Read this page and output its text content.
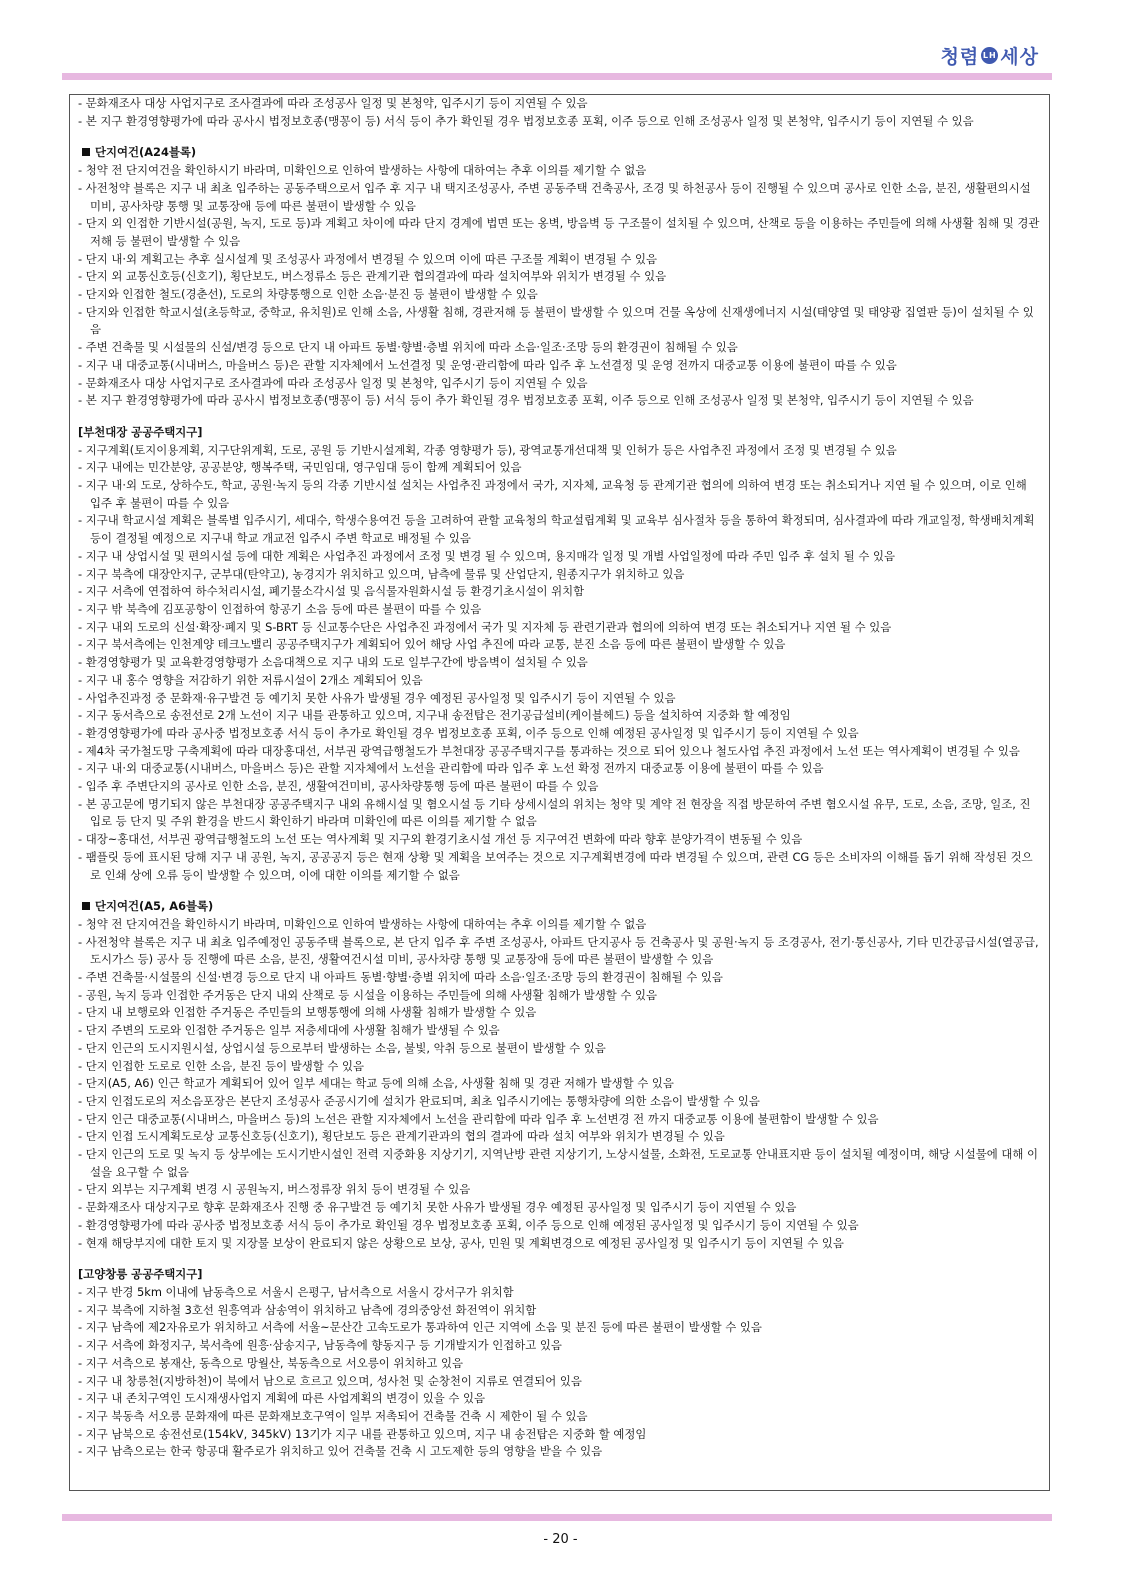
청렴 LH 세상
- 문화재조사 대상 사업지구로 조사결과에 따라 조성공사 일정 및 본청약, 입주시기 등이 지연될 수 있음
- 본 지구 환경영향평가에 따라 공사시 법정보호종(맹꽁이 등) 서식 등이 추가 확인될 경우 법정보호종 포획, 이주 등으로 인해 조성공사 일정 및 본청약, 입주시기 등이 지연될 수 있음
단지여건(A24블록)
- 청약 전 단지여건을 확인하시기 바라며, 미확인으로 인하여 발생하는 사항에 대하여는 추후 이의를 제기할 수 없음
- 사전청약 블록은 지구 내 최초 입주하는 공동주택으로서 입주 후 지구 내 택지조성공사, 주변 공동주택 건축공사, 조경 및 하천공사 등이 진행될 수 있으며 공사로 인한 소음, 분진, 생활편의시설 미비, 공사차량 통행 및 교통장애 등에 따른 불편이 발생할 수 있음
- 단지 외 인접한 기반시설(공원, 녹지, 도로 등)과 계획고 차이에 따라 단지 경계에 법면 또는 옹벽, 방음벽 등 구조물이 설치될 수 있으며, 산책로 등을 이용하는 주민들에 의해 사생활 침해 및 경관저해 등 불편이 발생할 수 있음
- 단지 내·외 계획고는 추후 실시설계 및 조성공사 과정에서 변경될 수 있으며 이에 따른 구조물 계획이 변경될 수 있음
- 단지 외 교통신호등(신호기), 횡단보도, 버스정류소 등은 관계기관 협의결과에 따라 설치여부와 위치가 변경될 수 있음
- 단지와 인접한 철도(경춘선), 도로의 차량통행으로 인한 소음·분진 등 불편이 발생할 수 있음
- 단지와 인접한 학교시설(초등학교, 중학교, 유치원)로 인해 소음, 사생활 침해, 경관저해 등 불편이 발생할 수 있으며 건물 옥상에 신재생에너지 시설(태양열 및 태양광 집열판 등)이 설치될 수 있음
- 주변 건축물 및 시설물의 신설/변경 등으로 단지 내 아파트 동별·향별·층별 위치에 따라 소음·일조·조망 등의 환경권이 침해될 수 있음
- 지구 내 대중교통(시내버스, 마을버스 등)은 관할 지자체에서 노선결정 및 운영·관리함에 따라 입주 후 노선결정 및 운영 전까지 대중교통 이용에 불편이 따를 수 있음
- 문화재조사 대상 사업지구로 조사결과에 따라 조성공사 일정 및 본청약, 입주시기 등이 지연될 수 있음
- 본 지구 환경영향평가에 따라 공사시 법정보호종(맹꽁이 등) 서식 등이 추가 확인될 경우 법정보호종 포획, 이주 등으로 인해 조성공사 일정 및 본청약, 입주시기 등이 지연될 수 있음
[부천대장 공공주택지구]
- 지구계획(토지이용계획, 지구단위계획, 도로, 공원 등 기반시설계획, 각종 영향평가 등), 광역교통개선대책 및 인허가 등은 사업추진 과정에서 조정 및 변경될 수 있음
- 지구 내에는 민간분양, 공공분양, 행복주택, 국민임대, 영구임대 등이 함께 계획되어 있음
- 지구 내·외 도로, 상하수도, 학교, 공원·녹지 등의 각종 기반시설 설치는 사업추진 과정에서 국가, 지자체, 교육청 등 관계기관 협의에 의하여 변경 또는 취소되거나 지연 될 수 있으며, 이로 인해 입주 후 불편이 따를 수 있음
- 지구내 학교시설 계획은 블록별 입주시기, 세대수, 학생수용여건 등을 고려하여 관할 교육청의 학교설립계획 및 교육부 심사절차 등을 통하여 확정되며, 심사결과에 따라 개교일정, 학생배치계획 등이 결정될 예정으로 지구내 학교 개교전 입주시 주변 학교로 배정될 수 있음
- 지구 내 상업시설 및 편의시설 등에 대한 계획은 사업추진 과정에서 조정 및 변경 될 수 있으며, 용지매각 일정 및 개별 사업일정에 따라 주민 입주 후 설치 될 수 있음
- 지구 북측에 대장안지구, 군부대(탄약고), 농경지가 위치하고 있으며, 남측에 물류 및 산업단지, 원종지구가 위치하고 있음
- 지구 서측에 연접하여 하수처리시설, 폐기물소각시설 및 음식물자원화시설 등 환경기초시설이 위치함
- 지구 밖 북측에 김포공항이 인접하여 항공기 소음 등에 따른 불편이 따를 수 있음
- 지구 내외 도로의 신설·확장·폐지 및 S-BRT 등 신교통수단은 사업추진 과정에서 국가 및 지자체 등 관련기관과 협의에 의하여 변경 또는 취소되거나 지연 될 수 있음
- 지구 북서측에는 인천계양 테크노밸리 공공주택지구가 계획되어 있어 해당 사업 추진에 따라 교통, 분진 소음 등에 따른 불편이 발생할 수 있음
- 환경영향평가 및 교육환경영향평가 소음대책으로 지구 내외 도로 일부구간에 방음벽이 설치될 수 있음
- 지구 내 홍수 영향을 저감하기 위한 저류시설이 2개소 계획되어 있음
- 사업추진과정 중 문화재·유구발견 등 예기치 못한 사유가 발생될 경우 예정된 공사일정 및 입주시기 등이 지연될 수 있음
- 지구 동서측으로 송전선로 2개 노선이 지구 내를 관통하고 있으며, 지구내 송전탑은 전기공급설비(케이블헤드) 등을 설치하여 지중화 할 예정임
- 환경영향평가에 따라 공사중 법정보호종 서식 등이 추가로 확인될 경우 법정보호종 포획, 이주 등으로 인해 예정된 공사일정 및 입주시기 등이 지연될 수 있음
- 제4차 국가철도망 구축계획에 따라 대장홍대선, 서부권 광역급행철도가 부천대장 공공주택지구를 통과하는 것으로 되어 있으나 철도사업 추진 과정에서 노선 또는 역사계획이 변경될 수 있음
- 지구 내·외 대중교통(시내버스, 마을버스 등)은 관할 지자체에서 노선을 관리함에 따라 입주 후 노선 확정 전까지 대중교통 이용에 불편이 따를 수 있음
- 입주 후 주변단지의 공사로 인한 소음, 분진, 생활여건미비, 공사차량통행 등에 따른 불편이 따를 수 있음
- 본 공고문에 명기되지 않은 부천대장 공공주택지구 내외 유해시설 및 혐오시설 등 기타 상세시설의 위치는 청약 및 계약 전 현장을 직접 방문하여 주변 혐오시설 유무, 도로, 소음, 조망, 일조, 진입로 등 단지 및 주위 환경을 반드시 확인하기 바라며 미확인에 따른 이의를 제기할 수 없음
- 대장~홍대선, 서부권 광역급행철도의 노선 또는 역사계획 및 지구외 환경기초시설 개선 등 지구여건 변화에 따라 향후 분양가격이 변동될 수 있음
- 팸플릿 등에 표시된 당해 지구 내 공원, 녹지, 공공공지 등은 현재 상황 및 계획을 보여주는 것으로 지구계획변경에 따라 변경될 수 있으며, 관련 CG 등은 소비자의 이해를 돕기 위해 작성된 것으로 인쇄 상에 오류 등이 발생할 수 있으며, 이에 대한 이의를 제기할 수 없음
단지여건(A5, A6블록)
- 청약 전 단지여건을 확인하시기 바라며, 미확인으로 인하여 발생하는 사항에 대하여는 추후 이의를 제기할 수 없음
- 사전청약 블록은 지구 내 최초 입주예정인 공동주택 블록으로, 본 단지 입주 후 주변 조성공사, 아파트 단지공사 등 건축공사 및 공원·녹지 등 조경공사, 전기·통신공사, 기타 민간공급시설(열공급, 도시가스 등) 공사 등 진행에 따른 소음, 분진, 생활여건시설 미비, 공사차량 통행 및 교통장애 등에 따른 불편이 발생할 수 있음
- 주변 건축물·시설물의 신설·변경 등으로 단지 내 아파트 동별·향별·층별 위치에 따라 소음·일조·조망 등의 환경권이 침해될 수 있음
- 공원, 녹지 등과 인접한 주거동은 단지 내외 산책로 등 시설을 이용하는 주민들에 의해 사생활 침해가 발생할 수 있음
- 단지 내 보행로와 인접한 주거동은 주민들의 보행통행에 의해 사생활 침해가 발생할 수 있음
- 단지 주변의 도로와 인접한 주거동은 일부 저층세대에 사생활 침해가 발생될 수 있음
- 단지 인근의 도시지원시설, 상업시설 등으로부터 발생하는 소음, 불빛, 악취 등으로 불편이 발생할 수 있음
- 단지 인접한 도로로 인한 소음, 분진 등이 발생할 수 있음
- 단지(A5, A6) 인근 학교가 계획되어 있어 일부 세대는 학교 등에 의해 소음, 사생활 침해 및 경관 저해가 발생할 수 있음
- 단지 인접도로의 저소음포장은 본단지 조성공사 준공시기에 설치가 완료되며, 최초 입주시기에는 통행차량에 의한 소음이 발생할 수 있음
- 단지 인근 대중교통(시내버스, 마을버스 등)의 노선은 관할 지자체에서 노선을 관리함에 따라 입주 후 노선변경 전 까지 대중교통 이용에 불편함이 발생할 수 있음
- 단지 인접 도시계획도로상 교통신호등(신호기), 횡단보도 등은 관계기관과의 협의 결과에 따라 설치 여부와 위치가 변경될 수 있음
- 단지 인근의 도로 및 녹지 등 상부에는 도시기반시설인 전력 지중화용 지상기기, 지역난방 관련 지상기기, 노상시설물, 소화전, 도로교통 안내표지판 등이 설치될 예정이며, 해당 시설물에 대해 이설을 요구할 수 없음
- 단지 외부는 지구계획 변경 시 공원녹지, 버스정류장 위치 등이 변경될 수 있음
- 문화재조사 대상지구로 향후 문화재조사 진행 중 유구발견 등 예기치 못한 사유가 발생될 경우 예정된 공사일정 및 입주시기 등이 지연될 수 있음
- 환경영향평가에 따라 공사중 법정보호종 서식 등이 추가로 확인될 경우 법정보호종 포획, 이주 등으로 인해 예정된 공사일정 및 입주시기 등이 지연될 수 있음
- 현재 해당부지에 대한 토지 및 지장물 보상이 완료되지 않은 상황으로 보상, 공사, 민원 및 계획변경으로 예정된 공사일정 및 입주시기 등이 지연될 수 있음
[고양창릉 공공주택지구]
- 지구 반경 5km 이내에 남동측으로 서울시 은평구, 남서측으로 서울시 강서구가 위치함
- 지구 북측에 지하철 3호선 원흥역과 삼송역이 위치하고 남측에 경의중앙선 화전역이 위치함
- 지구 남측에 제2자유로가 위치하고 서측에 서울~문산간 고속도로가 통과하여 인근 지역에 소음 및 분진 등에 따른 불편이 발생할 수 있음
- 지구 서측에 화정지구, 북서측에 원흥·삼송지구, 남동측에 향동지구 등 기개발지가 인접하고 있음
- 지구 서측으로 봉재산, 동측으로 망월산, 북동측으로 서오릉이 위치하고 있음
- 지구 내 창릉천(지방하천)이 북에서 남으로 흐르고 있으며, 성사천 및 순창천이 지류로 연결되어 있음
- 지구 내 존치구역인 도시재생사업지 계획에 따른 사업계획의 변경이 있을 수 있음
- 지구 북동측 서오릉 문화재에 따른 문화재보호구역이 일부 저촉되어 건축물 건축 시 제한이 될 수 있음
- 지구 남북으로 송전선로(154kV, 345kV) 13기가 지구 내를 관통하고 있으며, 지구 내 송전탑은 지중화 할 예정임
- 지구 남측으로는 한국 항공대 활주로가 위치하고 있어 건축물 건축 시 고도제한 등의 영향을 받을 수 있음
- 20 -
